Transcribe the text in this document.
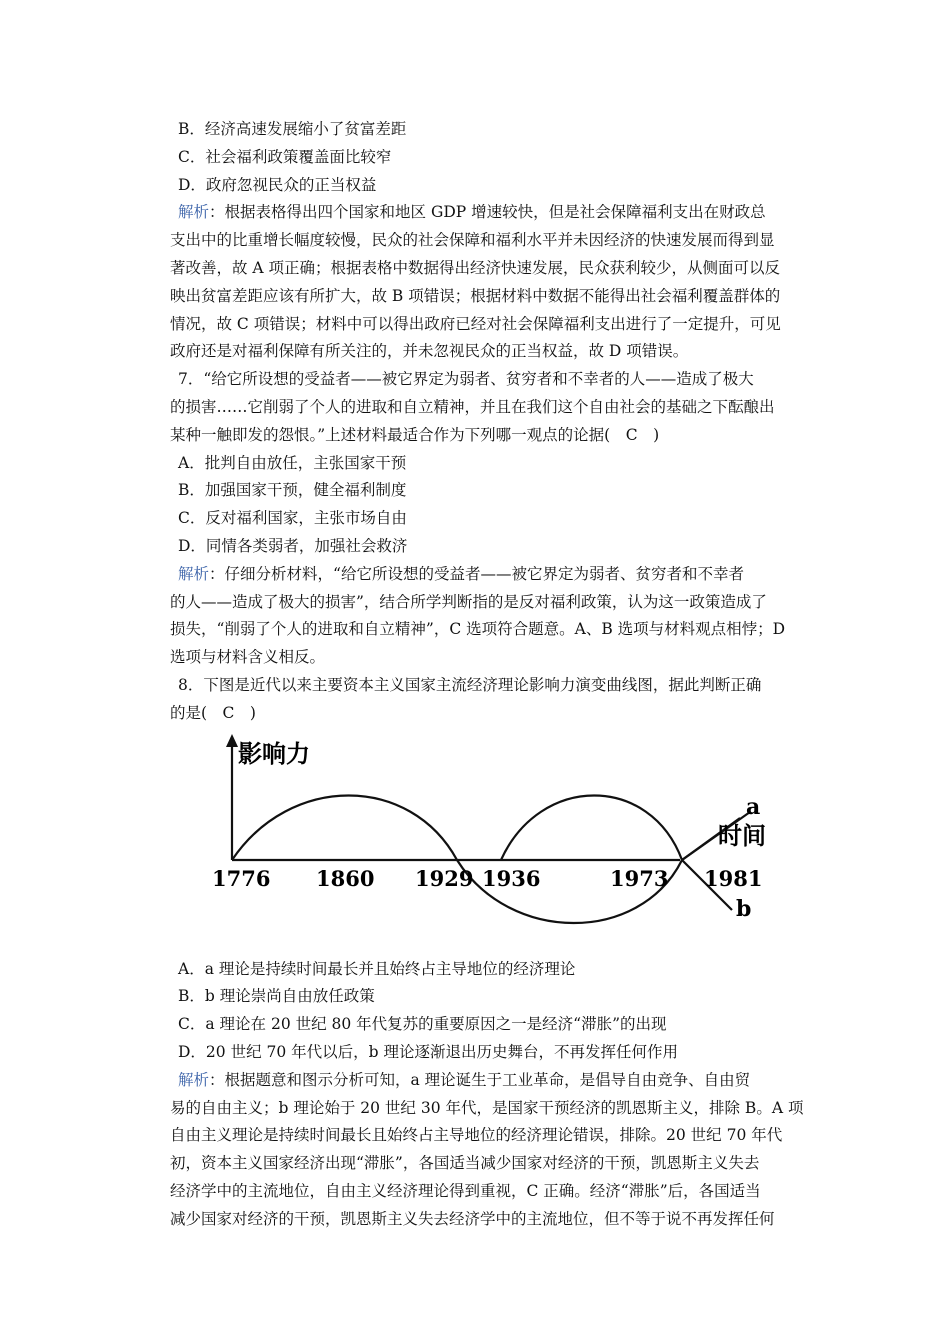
B．经济高速发展缩小了贫富差距
C．社会福利政策覆盖面比较窄
D．政府忽视民众的正当权益
解析：根据表格得出四个国家和地区 GDP 增速较快，但是社会保障福利支出在财政总
支出中的比重增长幅度较慢，民众的社会保障和福利水平并未因经济的快速发展而得到显
著改善，故 A 项正确；根据表格中数据得出经济快速发展，民众获利较少，从侧面可以反
映出贫富差距应该有所扩大，故 B 项错误；根据材料中数据不能得出社会福利覆盖群体的
情况，故 C 项错误；材料中可以得出政府已经对社会保障福利支出进行了一定提升，可见
政府还是对福利保障有所关注的，并未忽视民众的正当权益，故 D 项错误。
7．“给它所设想的受益者——被它界定为弱者、贫穷者和不幸者的人——造成了极大
的损害……它削弱了个人的进取和自立精神，并且在我们这个自由社会的基础之下酝酿出
某种一触即发的怨恨。”上述材料最适合作为下列哪一观点的论据(　C　)
A．批判自由放任，主张国家干预
B．加强国家干预，健全福利制度
C．反对福利国家，主张市场自由
D．同情各类弱者，加强社会救济
解析：仔细分析材料，“给它所设想的受益者——被它界定为弱者、贫穷者和不幸者
的人——造成了极大的损害”，结合所学判断指的是反对福利政策，认为这一政策造成了
损失，“削弱了个人的进取和自立精神”，C 选项符合题意。A、B 选项与材料观点相悖；D
选项与材料含义相反。
8．下图是近代以来主要资本主义国家主流经济理论影响力演变曲线图，据此判断正确
的是(　C　)
影响力
时间
a
b
1776 1860 1929 1936	1973 1981
A．a 理论是持续时间最长并且始终占主导地位的经济理论
B．b 理论崇尚自由放任政策
C．a 理论在 20 世纪 80 年代复苏的重要原因之一是经济“滞胀”的出现
D．20 世纪 70 年代以后，b 理论逐渐退出历史舞台，不再发挥任何作用
解析：根据题意和图示分析可知，a 理论诞生于工业革命，是倡导自由竞争、自由贸
易的自由主义；b 理论始于 20 世纪 30 年代，是国家干预经济的凯恩斯主义，排除 B。A 项
自由主义理论是持续时间最长且始终占主导地位的经济理论错误，排除。20 世纪 70 年代
初，资本主义国家经济出现“滞胀”，各国适当减少国家对经济的干预，凯恩斯主义失去
经济学中的主流地位，自由主义经济理论得到重视，C 正确。经济“滞胀”后，各国适当
减少国家对经济的干预，凯恩斯主义失去经济学中的主流地位，但不等于说不再发挥任何
